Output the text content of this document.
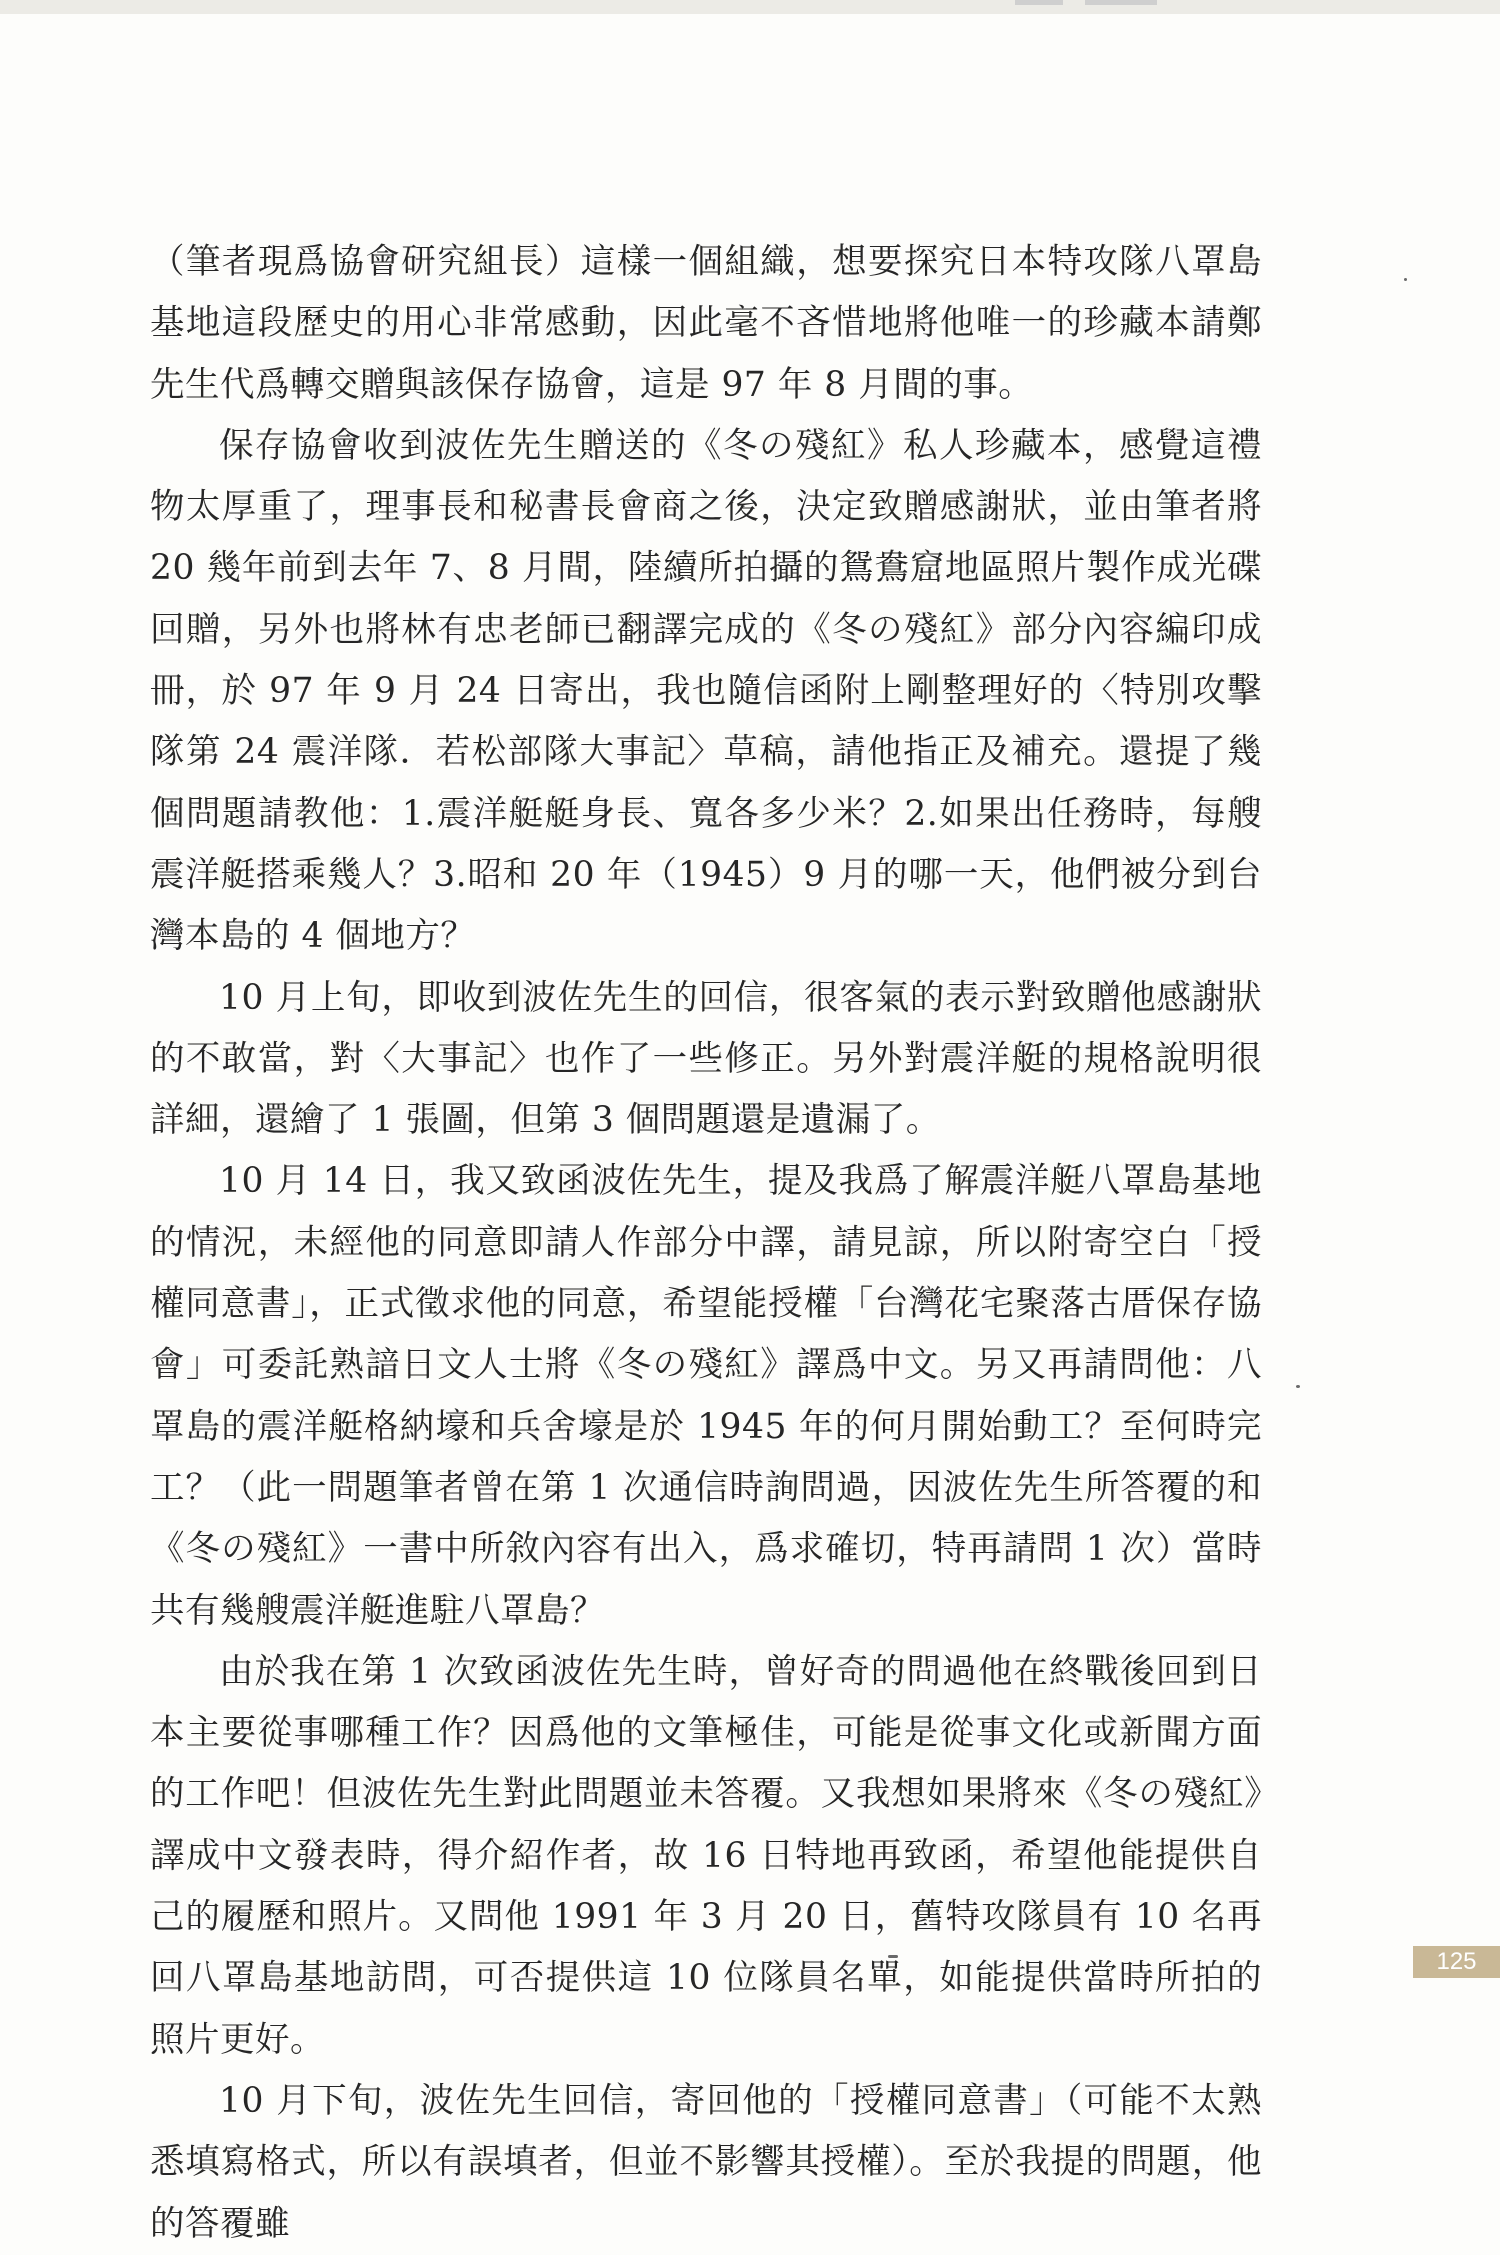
（筆者現爲協會研究組長）這樣一個組織，想要探究日本特攻隊八罩島基地這段歷史的用心非常感動，因此毫不吝惜地將他唯一的珍藏本請鄭先生代爲轉交贈與該保存協會，這是 97 年 8 月間的事。

保存協會收到波佐先生贈送的《冬の殘紅》私人珍藏本，感覺這禮物太厚重了，理事長和秘書長會商之後，決定致贈感謝狀，並由筆者將 20 幾年前到去年 7、8 月間，陸續所拍攝的鴛鴦窟地區照片製作成光碟回贈，另外也將林有忠老師已翻譯完成的《冬の殘紅》部分內容編印成冊，於 97 年 9 月 24 日寄出，我也隨信函附上剛整理好的〈特別攻擊隊第 24 震洋隊．若松部隊大事記〉草稿，請他指正及補充。還提了幾個問題請教他：1.震洋艇艇身長、寬各多少米？2.如果出任務時，每艘震洋艇搭乘幾人？3.昭和 20 年（1945）9 月的哪一天，他們被分到台灣本島的 4 個地方？

10 月上旬，即收到波佐先生的回信，很客氣的表示對致贈他感謝狀的不敢當，對〈大事記〉也作了一些修正。另外對震洋艇的規格說明很詳細，還繪了 1 張圖，但第 3 個問題還是遺漏了。

10 月 14 日，我又致函波佐先生，提及我爲了解震洋艇八罩島基地的情況，未經他的同意即請人作部分中譯，請見諒，所以附寄空白「授權同意書」，正式徵求他的同意，希望能授權「台灣花宅聚落古厝保存協會」可委託熟諳日文人士將《冬の殘紅》譯爲中文。另又再請問他：八罩島的震洋艇格納壕和兵舍壕是於 1945 年的何月開始動工？至何時完工？（此一問題筆者曾在第 1 次通信時詢問過，因波佐先生所答覆的和《冬の殘紅》一書中所敘內容有出入，爲求確切，特再請問 1 次）當時共有幾艘震洋艇進駐八罩島？

由於我在第 1 次致函波佐先生時，曾好奇的問過他在終戰後回到日本主要從事哪種工作？因爲他的文筆極佳，可能是從事文化或新聞方面的工作吧！但波佐先生對此問題並未答覆。又我想如果將來《冬の殘紅》譯成中文發表時，得介紹作者，故 16 日特地再致函，希望他能提供自己的履歷和照片。又問他 1991 年 3 月 20 日，舊特攻隊員有 10 名再回八罩島基地訪問，可否提供這 10 位隊員名單，如能提供當時所拍的照片更好。

10 月下旬，波佐先生回信，寄回他的「授權同意書」（可能不太熟悉填寫格式，所以有誤填者，但並不影響其授權）。至於我提的問題，他的答覆雖

125
